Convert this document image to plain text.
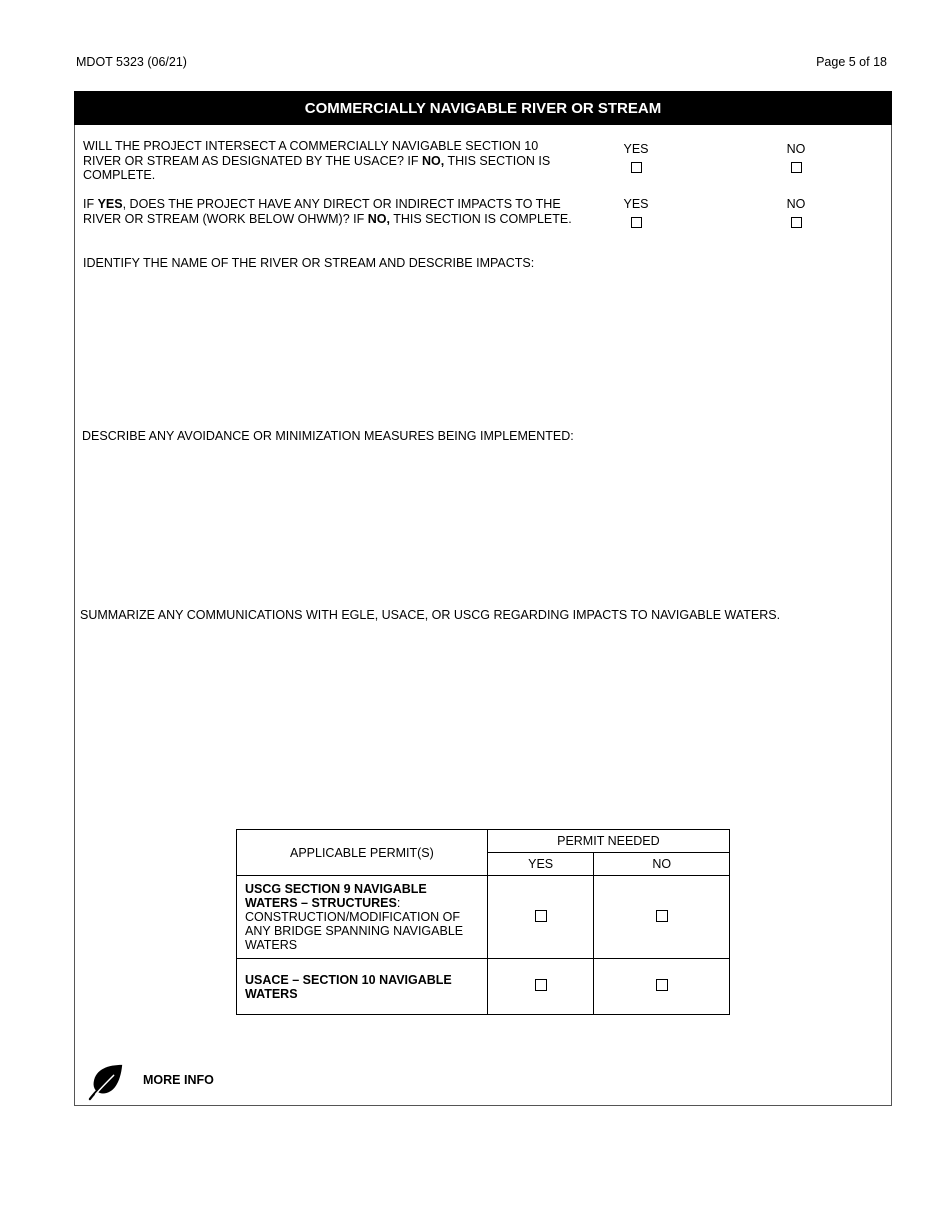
MDOT 5323 (06/21)	Page 5 of 18
COMMERCIALLY NAVIGABLE RIVER OR STREAM
WILL THE PROJECT INTERSECT A COMMERCIALLY NAVIGABLE SECTION 10 RIVER OR STREAM AS DESIGNATED BY THE USACE? IF NO, THIS SECTION IS COMPLETE.
YES	NO
IF YES, DOES THE PROJECT HAVE ANY DIRECT OR INDIRECT IMPACTS TO THE RIVER OR STREAM (WORK BELOW OHWM)? IF NO, THIS SECTION IS COMPLETE.
YES	NO
IDENTIFY THE NAME OF THE RIVER OR STREAM AND DESCRIBE IMPACTS:
DESCRIBE ANY AVOIDANCE OR MINIMIZATION MEASURES BEING IMPLEMENTED:
SUMMARIZE ANY COMMUNICATIONS WITH EGLE, USACE, OR USCG REGARDING IMPACTS TO NAVIGABLE WATERS.
APPLICABLE PERMIT(S)	PERMIT NEEDED	
	YES	NO
USCG SECTION 9 NAVIGABLE WATERS – STRUCTURES: CONSTRUCTION/MODIFICATION OF ANY BRIDGE SPANNING NAVIGABLE WATERS		
USACE – SECTION 10 NAVIGABLE WATERS		
MORE INFO
